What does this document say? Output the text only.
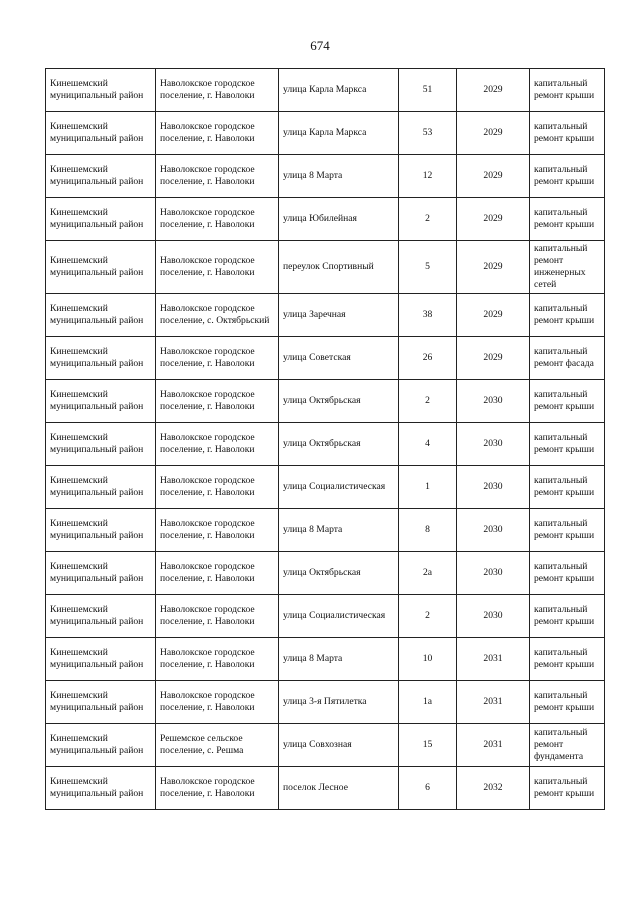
674
Кинешемский муниципальный район	Наволокское городское поселение, г. Наволоки	улица Карла Маркса	51	2029	капитальный ремонт крыши
Кинешемский муниципальный район	Наволокское городское поселение, г. Наволоки	улица Карла Маркса	53	2029	капитальный ремонт крыши
Кинешемский муниципальный район	Наволокское городское поселение, г. Наволоки	улица 8 Марта	12	2029	капитальный ремонт крыши
Кинешемский муниципальный район	Наволокское городское поселение, г. Наволоки	улица Юбилейная	2	2029	капитальный ремонт крыши
Кинешемский муниципальный район	Наволокское городское поселение, г. Наволоки	переулок Спортивный	5	2029	капитальный ремонт инженерных сетей
Кинешемский муниципальный район	Наволокское городское поселение, с. Октябрьский	улица Заречная	38	2029	капитальный ремонт крыши
Кинешемский муниципальный район	Наволокское городское поселение, г. Наволоки	улица Советская	26	2029	капитальный ремонт фасада
Кинешемский муниципальный район	Наволокское городское поселение, г. Наволоки	улица Октябрьская	2	2030	капитальный ремонт крыши
Кинешемский муниципальный район	Наволокское городское поселение, г. Наволоки	улица Октябрьская	4	2030	капитальный ремонт крыши
Кинешемский муниципальный район	Наволокское городское поселение, г. Наволоки	улица Социалистическая	1	2030	капитальный ремонт крыши
Кинешемский муниципальный район	Наволокское городское поселение, г. Наволоки	улица 8 Марта	8	2030	капитальный ремонт крыши
Кинешемский муниципальный район	Наволокское городское поселение, г. Наволоки	улица Октябрьская	2а	2030	капитальный ремонт крыши
Кинешемский муниципальный район	Наволокское городское поселение, г. Наволоки	улица Социалистическая	2	2030	капитальный ремонт крыши
Кинешемский муниципальный район	Наволокское городское поселение, г. Наволоки	улица 8 Марта	10	2031	капитальный ремонт крыши
Кинешемский муниципальный район	Наволокское городское поселение, г. Наволоки	улица 3-я Пятилетка	1а	2031	капитальный ремонт крыши
Кинешемский муниципальный район	Решемское сельское поселение, с. Решма	улица Совхозная	15	2031	капитальный ремонт фундамента
Кинешемский муниципальный район	Наволокское городское поселение, г. Наволоки	поселок Лесное	6	2032	капитальный ремонт крыши
